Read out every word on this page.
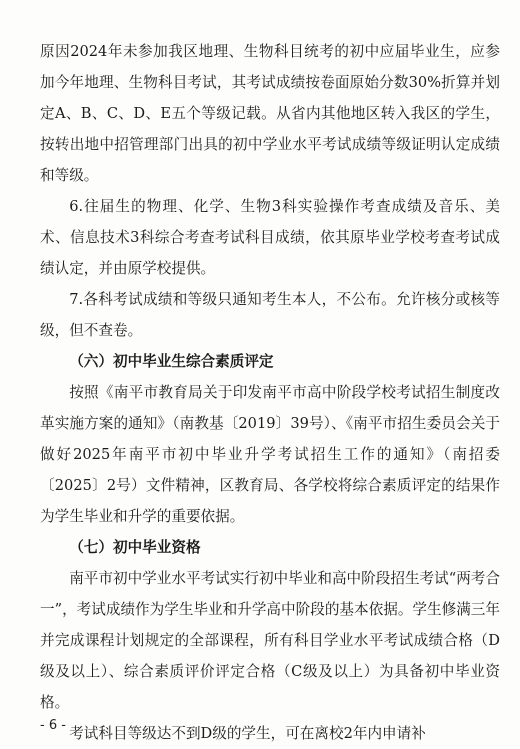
原因2024年未参加我区地理、生物科目统考的初中应届毕业生，应参加今年地理、生物科目考试，其考试成绩按卷面原始分数30%折算并划定A、B、C、D、E五个等级记载。从省内其他地区转入我区的学生，按转出地中招管理部门出具的初中学业水平考试成绩等级证明认定成绩和等级。

6.往届生的物理、化学、生物3科实验操作考查成绩及音乐、美术、信息技术3科综合考查考试科目成绩，依其原毕业学校考查考试成绩认定，并由原学校提供。

7.各科考试成绩和等级只通知考生本人，不公布。允许核分或核等级，但不查卷。

（六）初中毕业生综合素质评定

按照《南平市教育局关于印发南平市高中阶段学校考试招生制度改革实施方案的通知》（南教基〔2019〕39号）、《南平市招生委员会关于做好2025年南平市初中毕业升学考试招生工作的通知》（南招委〔2025〕2号）文件精神，区教育局、各学校将综合素质评定的结果作为学生毕业和升学的重要依据。

（七）初中毕业资格

南平市初中学业水平考试实行初中毕业和高中阶段招生考试“两考合一”，考试成绩作为学生毕业和升学高中阶段的基本依据。学生修满三年并完成课程计划规定的全部课程，所有科目学业水平考试成绩合格（D级及以上）、综合素质评价评定合格（C级及以上）为具备初中毕业资格。

考试科目等级达不到D级的学生，可在离校2年内申请补

- 6 -
